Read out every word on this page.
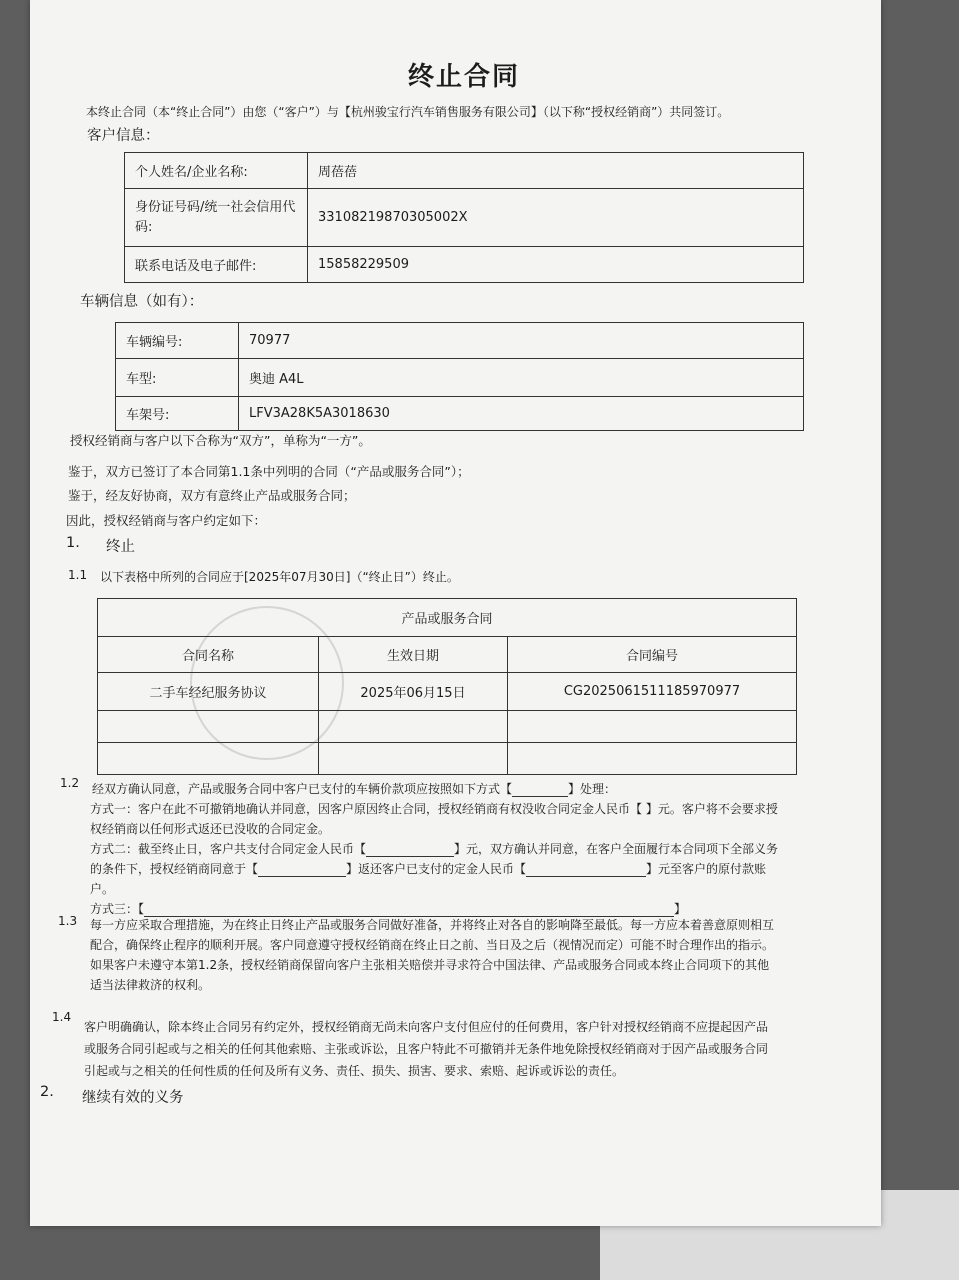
终止合同
本终止合同（本“终止合同”）由您（“客户”）与【杭州骏宝行汽车销售服务有限公司】（以下称“授权经销商”）共同签订。
客户信息：
个人姓名/企业名称:	周蓓蓓
身份证号码/统一社会信用代码:	33108219870305002X
联系电话及电子邮件:	15858229509
车辆信息（如有）：
车辆编号:	70977
车型:	奥迪 A4L
车架号:	LFV3A28K5A3018630
授权经销商与客户以下合称为“双方”，单称为“一方”。
鉴于，双方已签订了本合同第1.1条中列明的合同（“产品或服务合同”）；
鉴于，经友好协商，双方有意终止产品或服务合同；
因此，授权经销商与客户约定如下：
1. 终止
1.1 以下表格中所列的合同应于[2025年07月30日]（“终止日”）终止。
产品或服务合同		
合同名称	生效日期	合同编号
二手车经纪服务协议	2025年06月15日	CG2025061511185970977

1.2 经双方确认同意，产品或服务合同中客户已支付的车辆价款项应按照如下方式【	】处理：
方式一：客户在此不可撤销地确认并同意，因客户原因终止合同，授权经销商有权没收合同定金人民币【 】元。客户将不会要求授
权经销商以任何形式返还已没收的合同定金。
方式二：截至终止日，客户共支付合同定金人民币【	】元，双方确认并同意，在客户全面履行本合同项下全部义务
的条件下，授权经销商同意于【	】返还客户已支付的定金人民币【	】元至客户的原付款账
户。
方式三：【	】
1.3 每一方应采取合理措施，为在终止日终止产品或服务合同做好准备，并将终止对各自的影响降至最低。每一方应本着善意原则相互
配合，确保终止程序的顺利开展。客户同意遵守授权经销商在终止日之前、当日及之后（视情况而定）可能不时合理作出的指示。
如果客户未遵守本第1.2条，授权经销商保留向客户主张相关赔偿并寻求符合中国法律、产品或服务合同或本终止合同项下的其他
适当法律救济的权利。
1.4
客户明确确认，除本终止合同另有约定外，授权经销商无尚未向客户支付但应付的任何费用，客户针对授权经销商不应提起因产品
或服务合同引起或与之相关的任何其他索赔、主张或诉讼，且客户特此不可撤销并无条件地免除授权经销商对于因产品或服务合同
引起或与之相关的任何性质的任何及所有义务、责任、损失、损害、要求、索赔、起诉或诉讼的责任。
2. 继续有效的义务
